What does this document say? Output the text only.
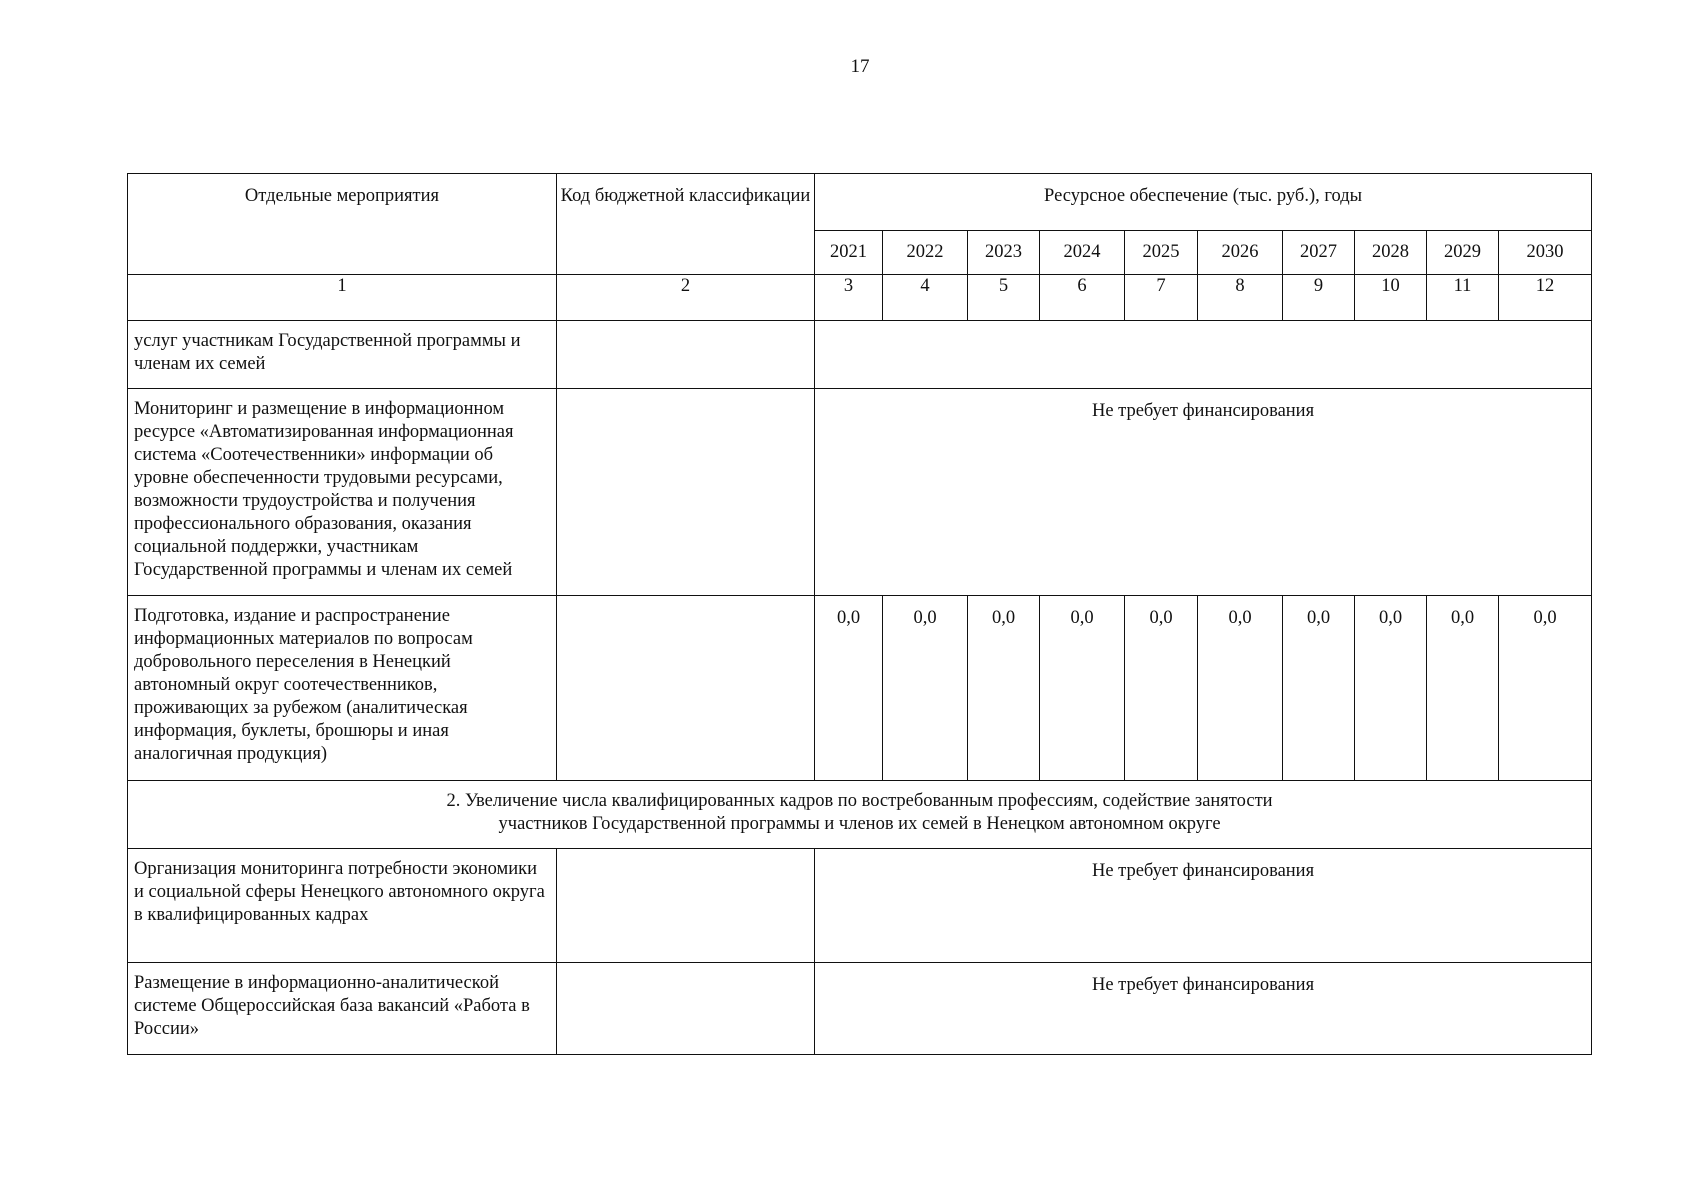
17
Отдельные мероприятия	Код бюджетной классификации	Ресурсное обеспечение (тыс. руб.), годы									
		2021	2022	2023	2024	2025	2026	2027	2028	2029	2030
1	2	3	4	5	6	7	8	9	10	11	12
услуг участникам Государственной программы и членам их семей											
Мониторинг и размещение в информационном ресурсе «Автоматизированная информационная система «Соотечественники» информации об уровне обеспеченности трудовыми ресурсами, возможности трудоустройства и получения профессионального образования, оказания социальной поддержки, участникам Государственной программы и членам их семей		Не требует финансирования									
Подготовка, издание и распространение информационных материалов по вопросам добровольного переселения в Ненецкий автономный округ соотечественников, проживающих за рубежом (аналитическая информация, буклеты, брошюры и иная аналогичная продукция)		0,0	0,0	0,0	0,0	0,0	0,0	0,0	0,0	0,0	0,0

2. Увеличение числа квалифицированных кадров по востребованным профессиям, содействие занятости
участников Государственной программы и членов их семей в Ненецком автономном округе											

Организация мониторинга потребности экономики и социальной сферы Ненецкого автономного округа в квалифицированных кадрах		Не требует финансирования									
Размещение в информационно-аналитической системе Общероссийская база вакансий «Работа в России»		Не требует финансирования									
